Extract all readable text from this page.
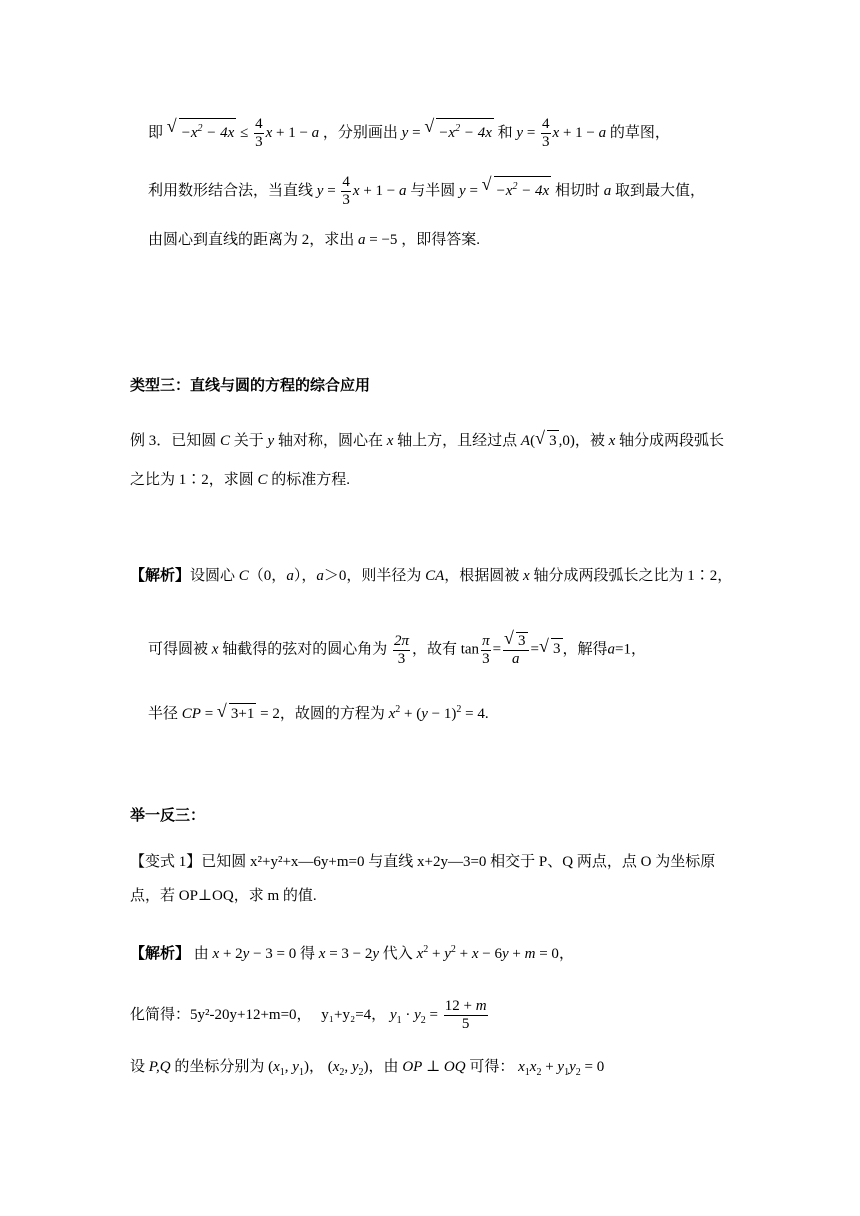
即 √ $-x^2 - 4x \le \frac{4}{3}$ x + 1 − a ，分别画出 y = √ $-x^2 - 4x$ 和 $y = \frac{4}{3}$ x + 1 − a 的草图，
利用数形结合法，当直线 $y = \frac{4}{3}$ x + 1 − a 与半圆 y = √ $-x^2 - 4x$ 相切时 a 取到最大值，
由圆心到直线的距离为 2，求出 a = −5 ，即得答案.
类型三：直线与圆的方程的综合应用
例 3．已知圆 C 关于 y 轴对称，圆心在 x 轴上方，且经过点 A( √ 3 ,0)，被 x 轴分成两段弧长
之比为 1∶2，求圆 C 的标准方程.
【解析】设圆心 C（0，a），a＞0，则半径为 CA，根据圆被 x 轴分成两段弧长之比为 1∶2，
可得圆被 x 轴截得的弦对的圆心角为 $\frac{2\pi}{3}$ ，故有 $\tan \frac{\pi}{3}$ = √ $\frac{3}{a}$ = √ 3 ，解得a=1，
半径 CP = √ 3+1 = 2，故圆的方程为 $x^2 + (y - 1)^2 = 4$.
举一反三：
【变式 1】已知圆 x²+y²+x—6y+m=0 与直线 x+2y—3=0 相交于 P、Q 两点，点 O 为坐标原
点，若 OP⊥OQ，求 m 的值.
【解析】 由 x + 2y − 3 = 0 得 x = 3 − 2y 代入 $x^2 + y^2 + x - 6y + m = 0$，
化简得：5y²-20y+12+m=0， y₁+y₂=4， $y_1 \cdot y_2 = \frac{12 + m}{5}$
设 P,Q 的坐标分别为 ($x_1$, $y_1$)， ($x_2$, $y_2$)，由 OP ⊥ OQ 可得： $x_1x_2 + y_1y_2 = 0$
